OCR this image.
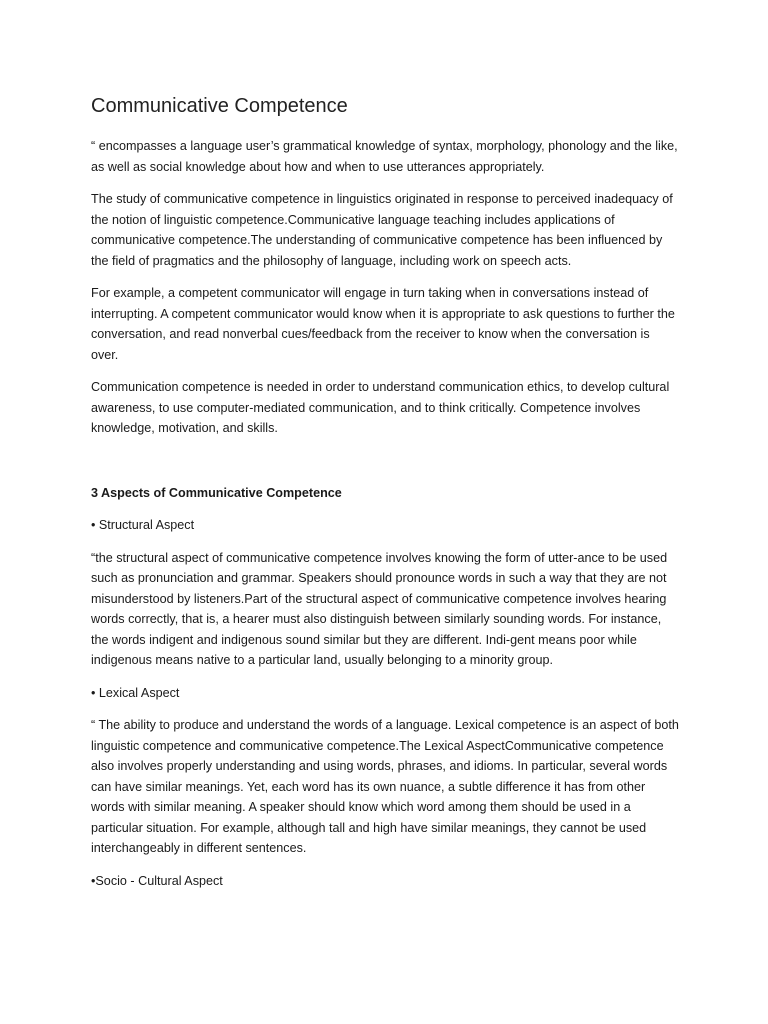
Communicative Competence

“ encompasses a language user’s grammatical knowledge of syntax, morphology, phonology and the like, as well as social knowledge about how and when to use utterances appropriately.

The study of communicative competence in linguistics originated in response to perceived inadequacy of the notion of linguistic competence.Communicative language teaching includes applications of communicative competence.The understanding of communicative competence has been influenced by the field of pragmatics and the philosophy of language, including work on speech acts.

For example, a competent communicator will engage in turn taking when in conversations instead of interrupting. A competent communicator would know when it is appropriate to ask questions to further the conversation, and read nonverbal cues/feedback from the receiver to know when the conversation is over.

Communication competence is needed in order to understand communication ethics, to develop cultural awareness, to use computer-mediated communication, and to think critically. Competence involves knowledge, motivation, and skills.

3 Aspects of Communicative Competence

• Structural Aspect

“the structural aspect of communicative competence involves knowing the form of utter-ance to be used such as pronunciation and grammar. Speakers should pronounce words in such a way that they are not misunderstood by listeners.Part of the structural aspect of communicative competence involves hearing words correctly, that is, a hearer must also distinguish between similarly sounding words. For instance, the words indigent and indigenous sound similar but they are different. Indi-gent means poor while indigenous means native to a particular land, usually belonging to a minority group.

• Lexical Aspect

“ The ability to produce and understand the words of a language. Lexical competence is an aspect of both linguistic competence and communicative competence.The Lexical AspectCommunicative competence also involves properly understanding and using words, phrases, and idioms. In particular, several words can have similar meanings. Yet, each word has its own nuance, a subtle difference it has from other words with similar meaning. A speaker should know which word among them should be used in a particular situation. For example, although tall and high have similar meanings, they cannot be used interchangeably in different sentences.

•Socio - Cultural Aspect
